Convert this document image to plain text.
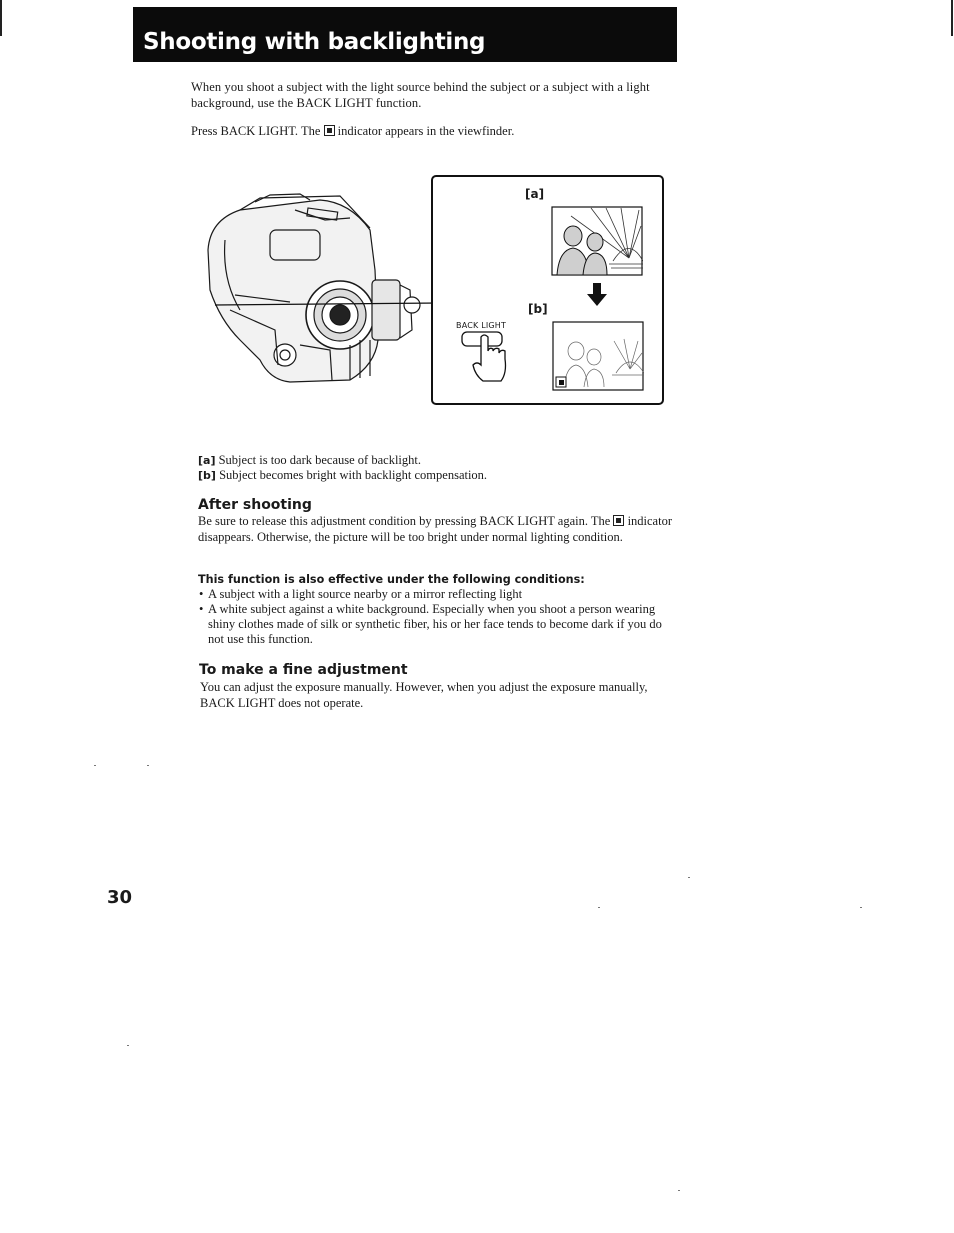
Shooting with backlighting
When you shoot a subject with the light source behind the subject or a subject with a light background, use the BACK LIGHT function.
Press BACK LIGHT. The  indicator appears in the viewfinder.
[a]
[b]
BACK LIGHT
[a] Subject is too dark because of backlight.
[b] Subject becomes bright with backlight compensation.
After shooting
Be sure to release this adjustment condition by pressing BACK LIGHT again. The  indicator disappears. Otherwise, the picture will be too bright under normal lighting condition.
This function is also effective under the following conditions:
• A subject with a light source nearby or a mirror reflecting light
• A white subject against a white background. Especially when you shoot a person wearing shiny clothes made of silk or synthetic fiber, his or her face tends to become dark if you do not use this function.
To make a fine adjustment
You can adjust the exposure manually. However, when you adjust the exposure manually, BACK LIGHT does not operate.
30
